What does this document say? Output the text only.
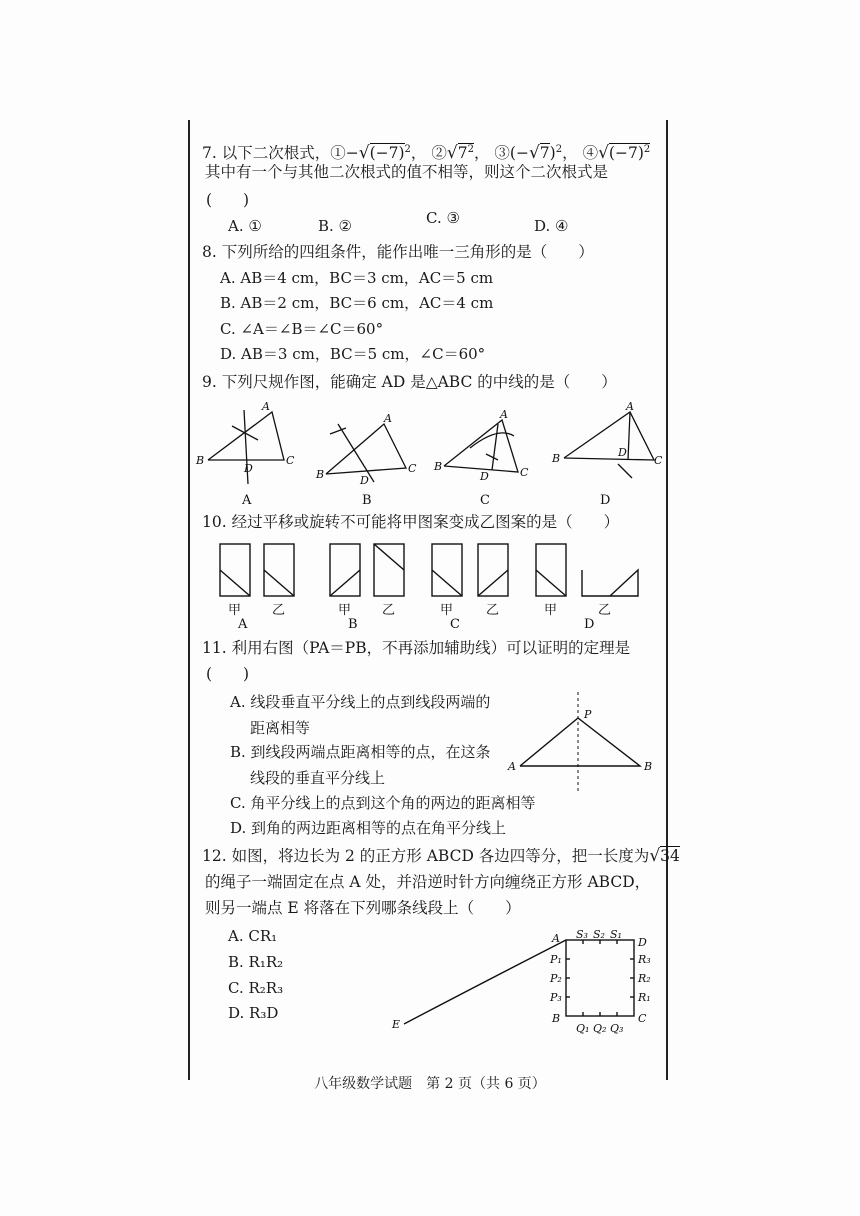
7. 以下二次根式，$①-√(-7)^2$， $②√7^2$， $③(-√7)^2$， $④√(-7)^2$
其中有一个与其他二次根式的值不相等，则这个二次根式是
(　　)
A. ①	B. ②	C. ③	D. ④
8. 下列所给的四组条件，能作出唯一三角形的是（　　）
A. AB＝4 cm，BC＝3 cm，AC＝5 cm
B. AB＝2 cm，BC＝6 cm，AC＝4 cm
C. ∠A＝∠B＝∠C＝60°
D. AB＝3 cm，BC＝5 cm，∠C＝60°
9. 下列尺规作图，能确定 AD 是△ABC 的中线的是（　　）
A
B	C
D
A
B	C
D
A
B	C
D
A
B	C
D
A	B	C	D
10. 经过平移或旋转不可能将甲图案变成乙图案的是（　　）
甲 乙	甲 乙	甲	乙	甲	乙
A	B	C	D
11. 利用右图（PA＝PB，不再添加辅助线）可以证明的定理是
(　　)
A. 线段垂直平分线上的点到线段两端的
距离相等
B. 到线段两端点距离相等的点，在这条
线段的垂直平分线上
C. 角平分线上的点到这个角的两边的距离相等
D. 到角的两边距离相等的点在角平分线上
P
A	B
12. 如图，将边长为 2 的正方形 ABCD 各边四等分，把一长度为√34
的绳子一端固定在点 A 处，并沿逆时针方向缠绕正方形 ABCD，
则另一端点 E 将落在下列哪条线段上（　　）
A. CR₁
B. R₁R₂
C. R₂R₃
D. R₃D
A
B	C
D
E
S₃ S₂ S₁
P₁
P₂
P₃
R₃
R₂
R₁
Q₁ Q₂ Q₃
八年级数学试题　第 2 页（共 6 页）
